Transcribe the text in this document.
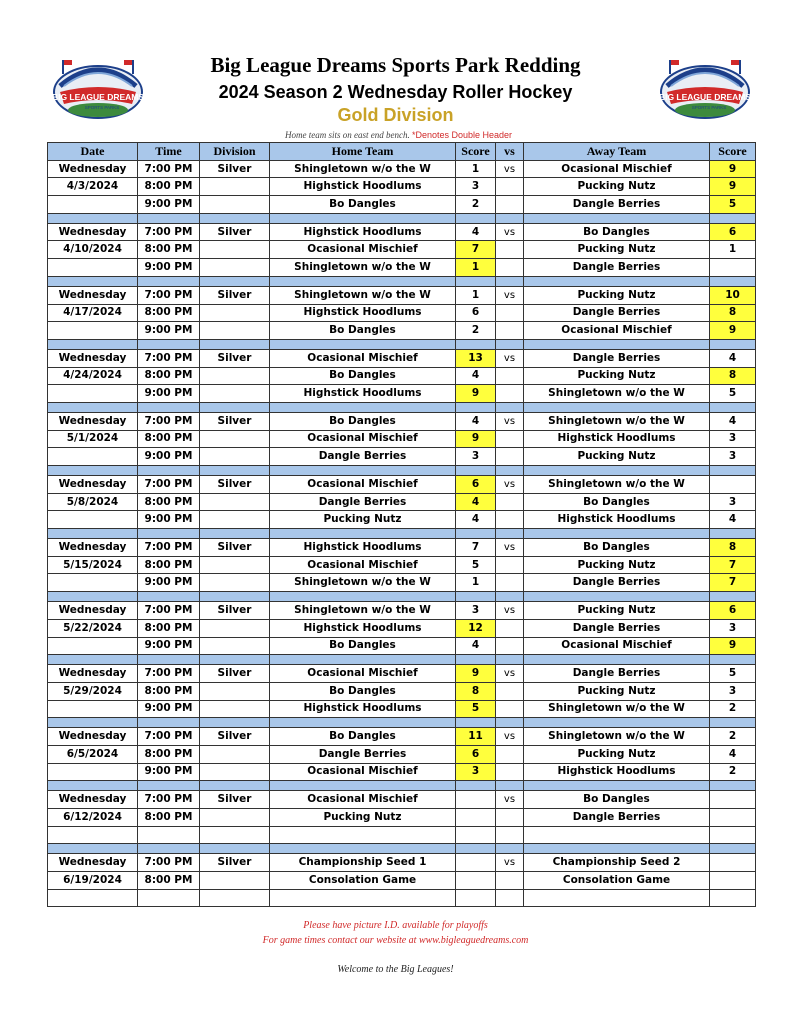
BIG LEAGUE DREAMS
SPORTS PARKS
BIG LEAGUE DREAMS
SPORTS PARKS
Big League Dreams Sports Park Redding
2024 Season 2 Wednesday Roller Hockey
Gold Division
Home team sits on east end bench. *Denotes Double Header
Date	Time	Division	Home Team	Score	vs	Away Team	Score
Wednesday	7:00 PM	Silver	Shingletown w/o the W	1	vs	Ocasional Mischief	9
4/3/2024	8:00 PM		Highstick Hoodlums	3		Pucking Nutz	9
	9:00 PM		Bo Dangles	2		Dangle Berries	5

Wednesday	7:00 PM	Silver	Highstick Hoodlums	4	vs	Bo Dangles	6
4/10/2024	8:00 PM		Ocasional Mischief	7		Pucking Nutz	1
	9:00 PM		Shingletown w/o the W	1		Dangle Berries	

Wednesday	7:00 PM	Silver	Shingletown w/o the W	1	vs	Pucking Nutz	10
4/17/2024	8:00 PM		Highstick Hoodlums	6		Dangle Berries	8
	9:00 PM		Bo Dangles	2		Ocasional Mischief	9

Wednesday	7:00 PM	Silver	Ocasional Mischief	13	vs	Dangle Berries	4
4/24/2024	8:00 PM		Bo Dangles	4		Pucking Nutz	8
	9:00 PM		Highstick Hoodlums	9		Shingletown w/o the W	5

Wednesday	7:00 PM	Silver	Bo Dangles	4	vs	Shingletown w/o the W	4
5/1/2024	8:00 PM		Ocasional Mischief	9		Highstick Hoodlums	3
	9:00 PM		Dangle Berries	3		Pucking Nutz	3

Wednesday	7:00 PM	Silver	Ocasional Mischief	6	vs	Shingletown w/o the W	
5/8/2024	8:00 PM		Dangle Berries	4		Bo Dangles	3
	9:00 PM		Pucking Nutz	4		Highstick Hoodlums	4

Wednesday	7:00 PM	Silver	Highstick Hoodlums	7	vs	Bo Dangles	8
5/15/2024	8:00 PM		Ocasional Mischief	5		Pucking Nutz	7
	9:00 PM		Shingletown w/o the W	1		Dangle Berries	7

Wednesday	7:00 PM	Silver	Shingletown w/o the W	3	vs	Pucking Nutz	6
5/22/2024	8:00 PM		Highstick Hoodlums	12		Dangle Berries	3
	9:00 PM		Bo Dangles	4		Ocasional Mischief	9

Wednesday	7:00 PM	Silver	Ocasional Mischief	9	vs	Dangle Berries	5
5/29/2024	8:00 PM		Bo Dangles	8		Pucking Nutz	3
	9:00 PM		Highstick Hoodlums	5		Shingletown w/o the W	2

Wednesday	7:00 PM	Silver	Bo Dangles	11	vs	Shingletown w/o the W	2
6/5/2024	8:00 PM		Dangle Berries	6		Pucking Nutz	4
	9:00 PM		Ocasional Mischief	3		Highstick Hoodlums	2

Wednesday	7:00 PM	Silver	Ocasional Mischief		vs	Bo Dangles	
6/12/2024	8:00 PM		Pucking Nutz			Dangle Berries	

Wednesday	7:00 PM	Silver	Championship Seed 1		vs	Championship Seed 2	
6/19/2024	8:00 PM		Consolation Game			Consolation Game	

Please have picture I.D. available for playoffs
For game times contact our website at www.bigleaguedreams.com
Welcome to the Big Leagues!
